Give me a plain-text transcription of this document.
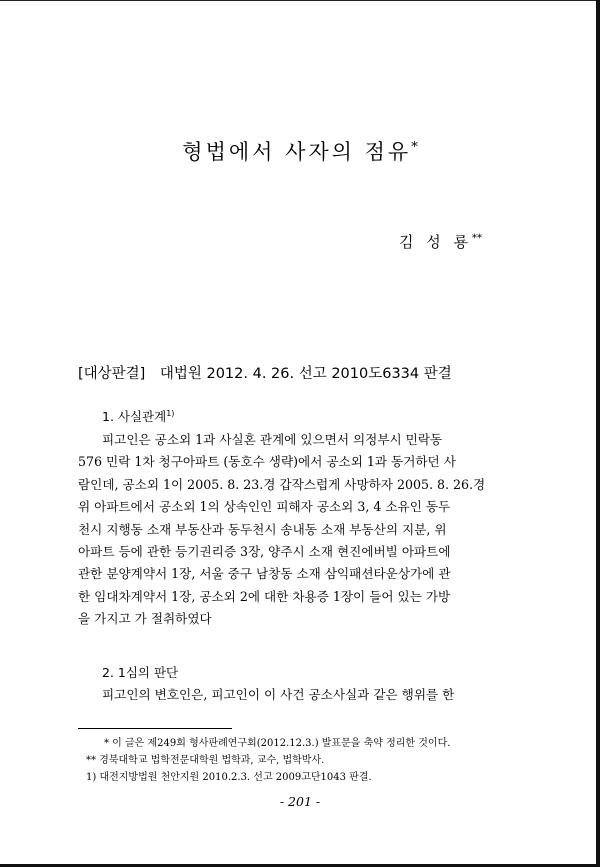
형법에서 사자의 점유*
김 성 룡**
[대상판결]　대법원 2012. 4. 26. 선고 2010도6334 판결
1. 사실관계$^{1)}$
피고인은 공소외 1과 사실혼 관계에 있으면서 의정부시 민락동
576 민락 1차 청구아파트 (동호수 생략)에서 공소외 1과 동거하던 사
람인데, 공소외 1이 2005. 8. 23.경 갑작스럽게 사망하자 2005. 8. 26.경
위 아파트에서 공소외 1의 상속인인 피해자 공소외 3, 4 소유인 동두
천시 지행동 소재 부동산과 동두천시 송내동 소재 부동산의 지분, 위
아파트 등에 관한 등기권리증 3장, 양주시 소재 현진에버빌 아파트에
관한 분양계약서 1장, 서울 중구 남창동 소재 삼익패션타운상가에 관
한 임대차계약서 1장, 공소외 2에 대한 차용증 1장이 들어 있는 가방
을 가지고 가 절취하였다
2. 1심의 판단
피고인의 변호인은, 피고인이 이 사건 공소사실과 같은 행위를 한
* 이 글은 제249회 형사판례연구회(2012.12.3.) 발표문을 축약 정리한 것이다.
** 경북대학교 법학전문대학원 법학과, 교수, 법학박사.
1) 대전지방법원 천안지원 2010.2.3. 선고 2009고단1043 판결.
- 201 -
